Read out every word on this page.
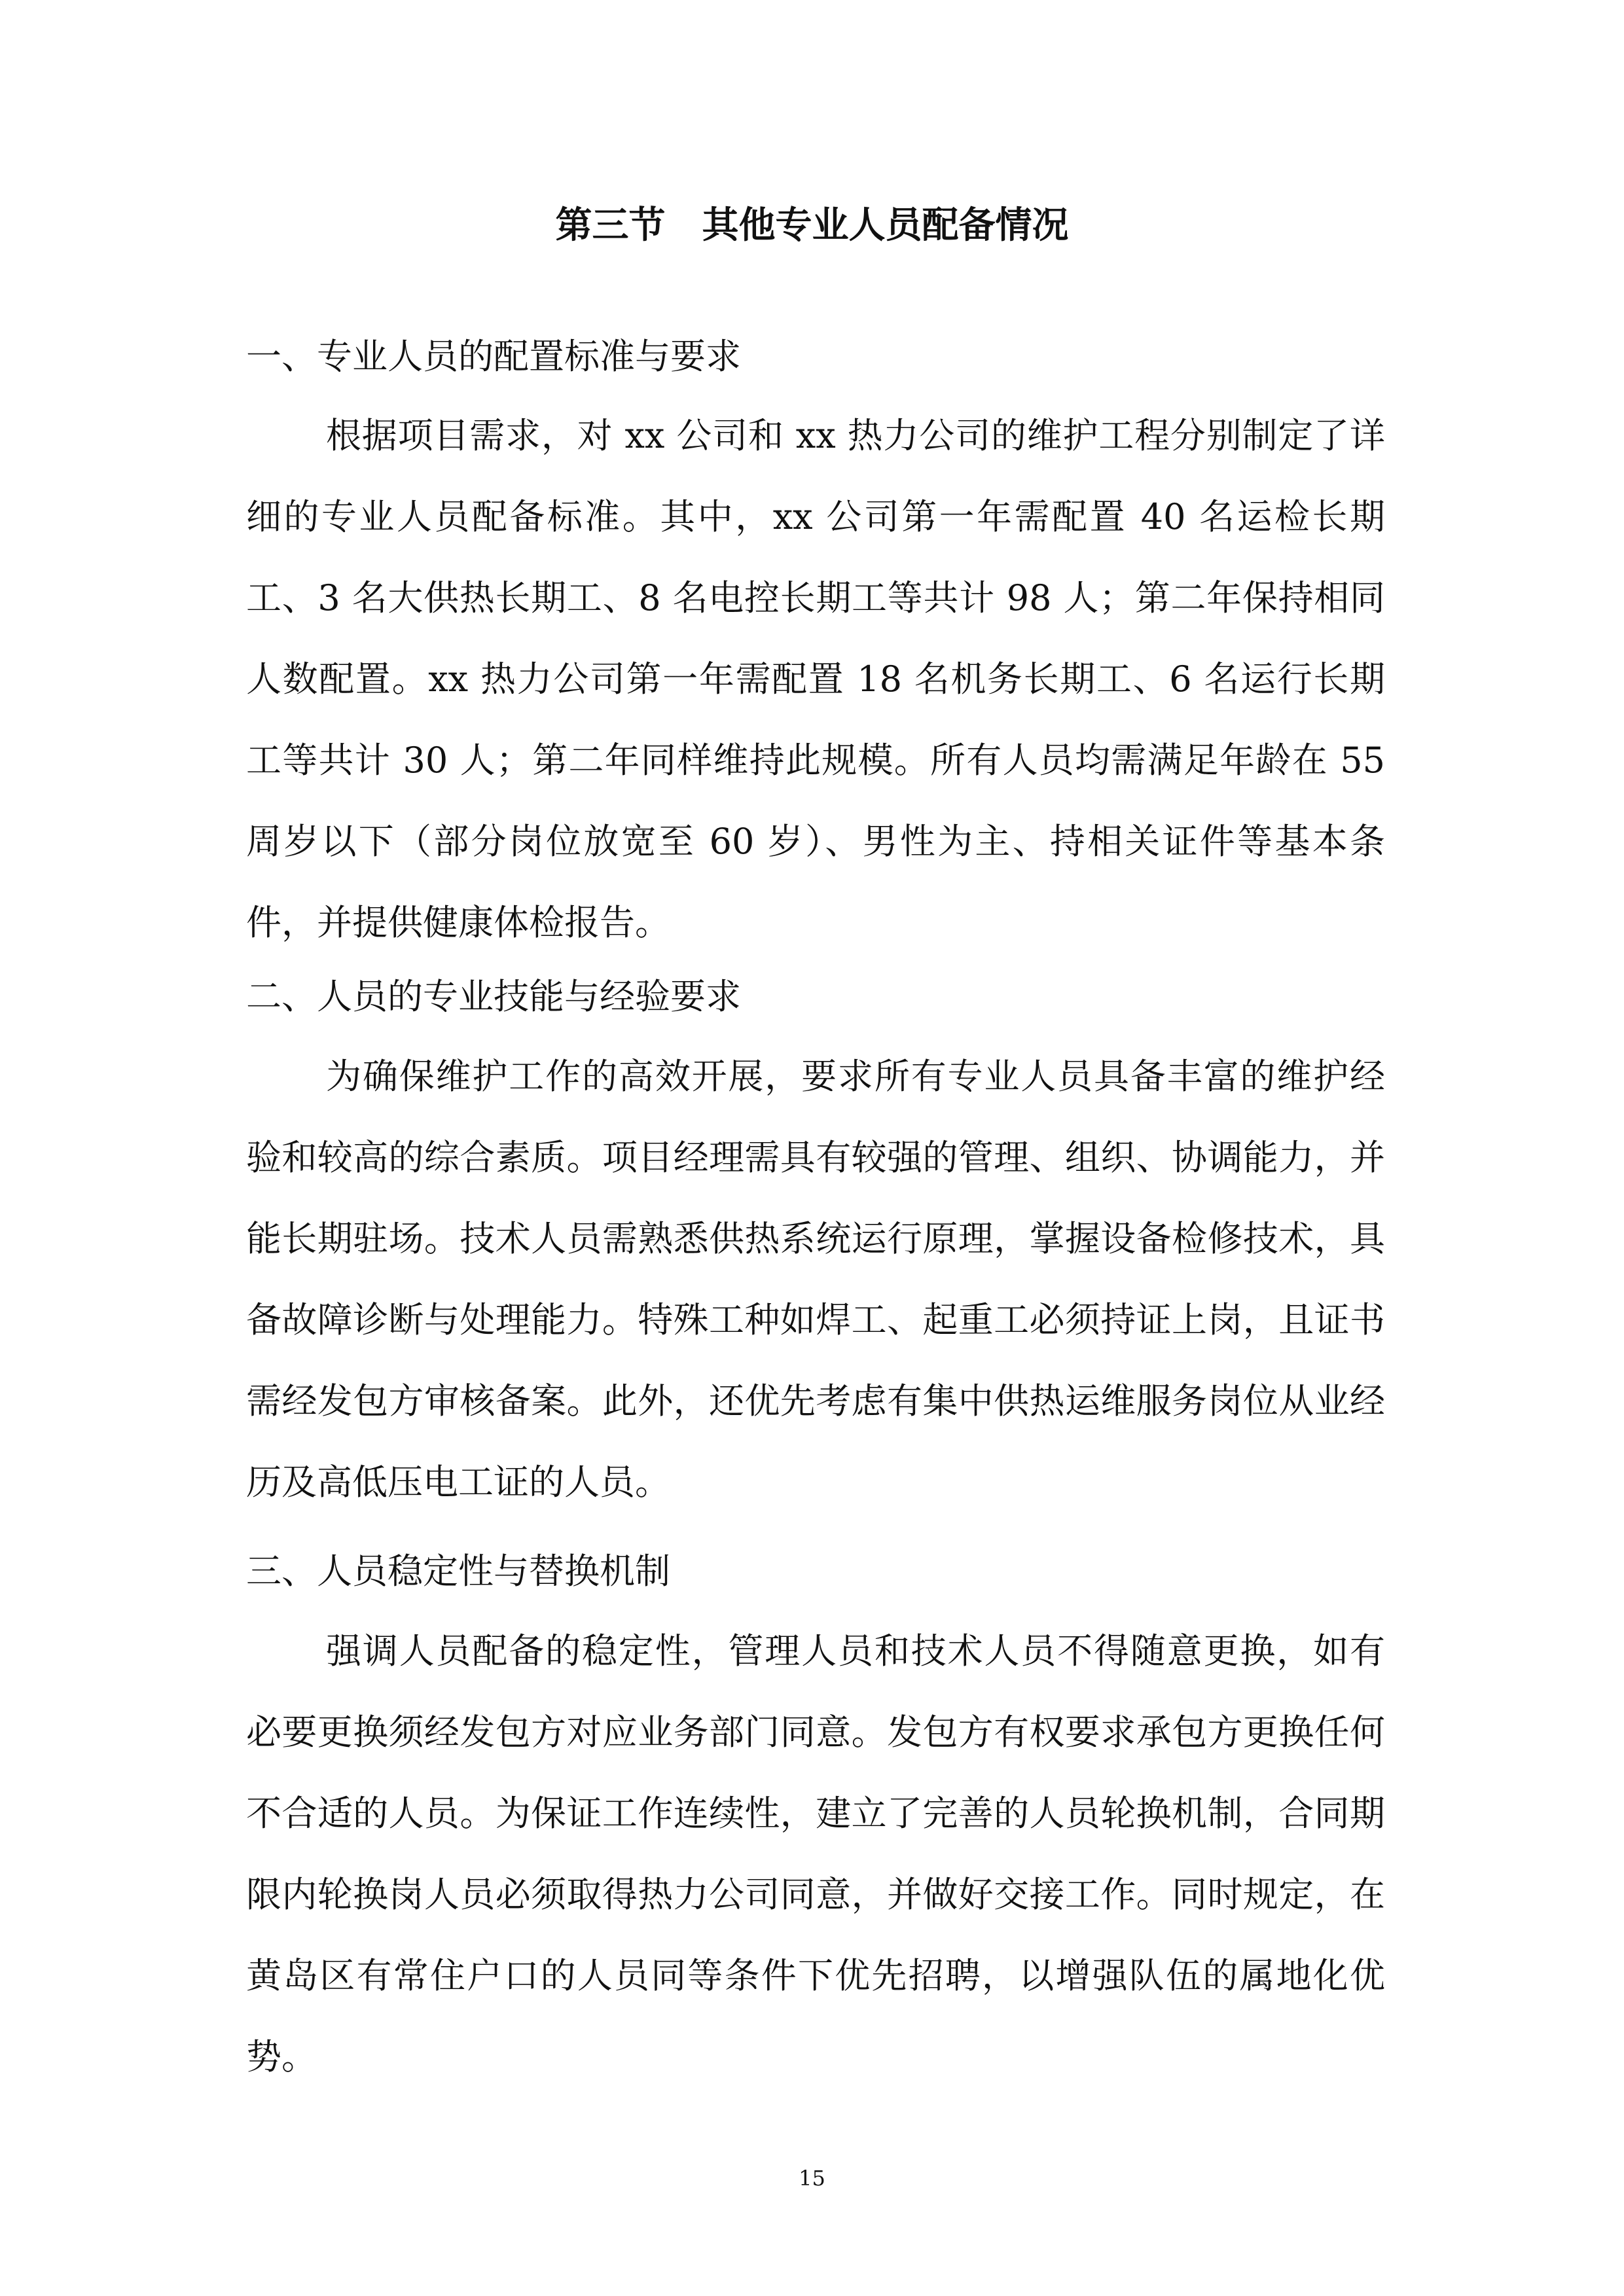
第三节　其他专业人员配备情况
一、专业人员的配置标准与要求

根据项目需求，对 xx 公司和 xx 热力公司的维护工程分别制定了详细的专业人员配备标准。其中，xx 公司第一年需配置 40 名运检长期工、3 名大供热长期工、8 名电控长期工等共计 98 人；第二年保持相同人数配置。xx 热力公司第一年需配置 18 名机务长期工、6 名运行长期工等共计 30 人；第二年同样维持此规模。所有人员均需满足年龄在 55 周岁以下（部分岗位放宽至 60 岁）、男性为主、持相关证件等基本条件，并提供健康体检报告。

二、人员的专业技能与经验要求

为确保维护工作的高效开展，要求所有专业人员具备丰富的维护经验和较高的综合素质。项目经理需具有较强的管理、组织、协调能力，并能长期驻场。技术人员需熟悉供热系统运行原理，掌握设备检修技术，具备故障诊断与处理能力。特殊工种如焊工、起重工必须持证上岗，且证书需经发包方审核备案。此外，还优先考虑有集中供热运维服务岗位从业经历及高低压电工证的人员。

三、人员稳定性与替换机制

强调人员配备的稳定性，管理人员和技术人员不得随意更换，如有必要更换须经发包方对应业务部门同意。发包方有权要求承包方更换任何不合适的人员。为保证工作连续性，建立了完善的人员轮换机制，合同期限内轮换岗人员必须取得热力公司同意，并做好交接工作。同时规定，在黄岛区有常住户口的人员同等条件下优先招聘，以增强队伍的属地化优势。

15
